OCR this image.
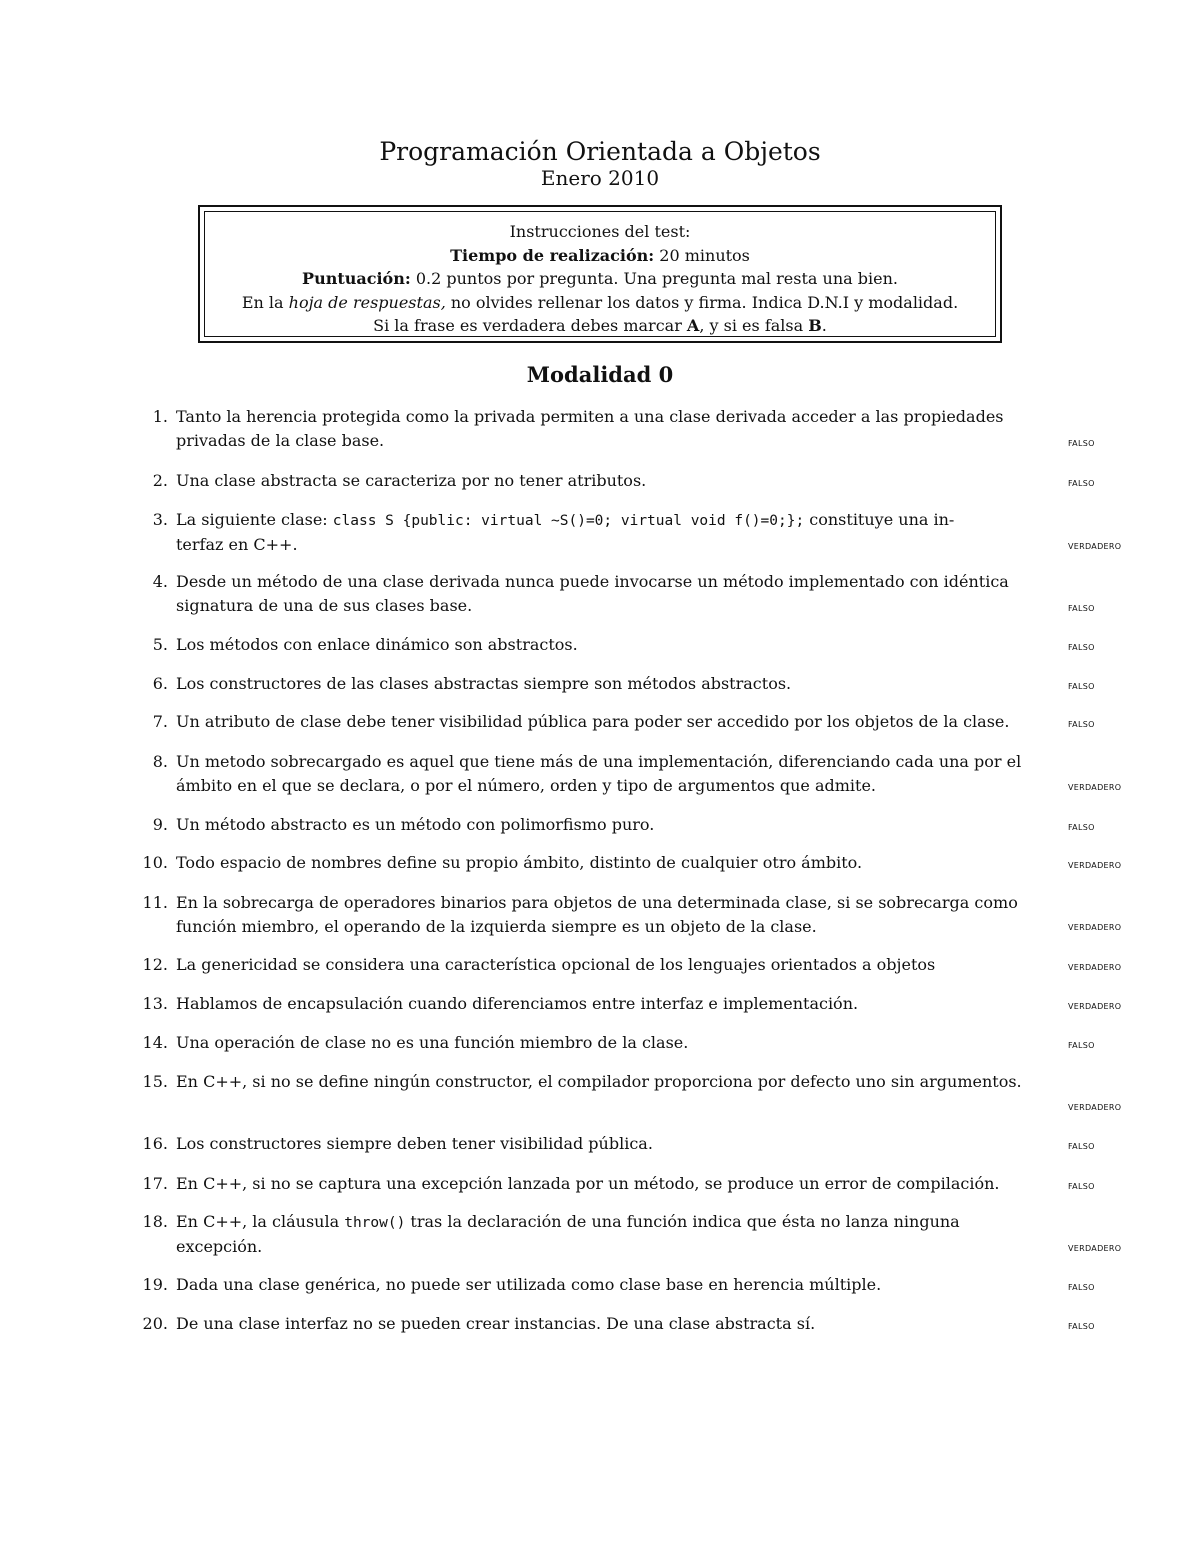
Programación Orientada a Objetos
Enero 2010
Instrucciones del test:
Tiempo de realización: 20 minutos
Puntuación: 0.2 puntos por pregunta. Una pregunta mal resta una bien.
En la hoja de respuestas, no olvides rellenar los datos y firma. Indica D.N.I y modalidad.
Si la frase es verdadera debes marcar A, y si es falsa B.
Modalidad 0
1. Tanto la herencia protegida como la privada permiten a una clase derivada acceder a las propiedades
privadas de la clase base.	FALSO
2. Una clase abstracta se caracteriza por no tener atributos.	FALSO
3. La siguiente clase: class S {public: virtual ~S()=0; virtual void f()=0;}; constituye una in-
terfaz en C++.	VERDADERO
4. Desde un método de una clase derivada nunca puede invocarse un método implementado con idéntica
signatura de una de sus clases base.	FALSO
5. Los métodos con enlace dinámico son abstractos.	FALSO
6. Los constructores de las clases abstractas siempre son métodos abstractos.	FALSO
7. Un atributo de clase debe tener visibilidad pública para poder ser accedido por los objetos de la clase.	FALSO
8. Un metodo sobrecargado es aquel que tiene más de una implementación, diferenciando cada una por el
ámbito en el que se declara, o por el número, orden y tipo de argumentos que admite.	VERDADERO
9. Un método abstracto es un método con polimorfismo puro.	FALSO
10. Todo espacio de nombres define su propio ámbito, distinto de cualquier otro ámbito.	VERDADERO
11. En la sobrecarga de operadores binarios para objetos de una determinada clase, si se sobrecarga como
función miembro, el operando de la izquierda siempre es un objeto de la clase.	VERDADERO
12. La genericidad se considera una característica opcional de los lenguajes orientados a objetos	VERDADERO
13. Hablamos de encapsulación cuando diferenciamos entre interfaz e implementación.	VERDADERO
14. Una operación de clase no es una función miembro de la clase.	FALSO
15. En C++, si no se define ningún constructor, el compilador proporciona por defecto uno sin argumentos.
VERDADERO
16. Los constructores siempre deben tener visibilidad pública.	FALSO
17. En C++, si no se captura una excepción lanzada por un método, se produce un error de compilación.	FALSO
18. En C++, la cláusula throw() tras la declaración de una función indica que ésta no lanza ninguna
excepción.	VERDADERO
19. Dada una clase genérica, no puede ser utilizada como clase base en herencia múltiple.	FALSO
20. De una clase interfaz no se pueden crear instancias. De una clase abstracta sí.	FALSO
